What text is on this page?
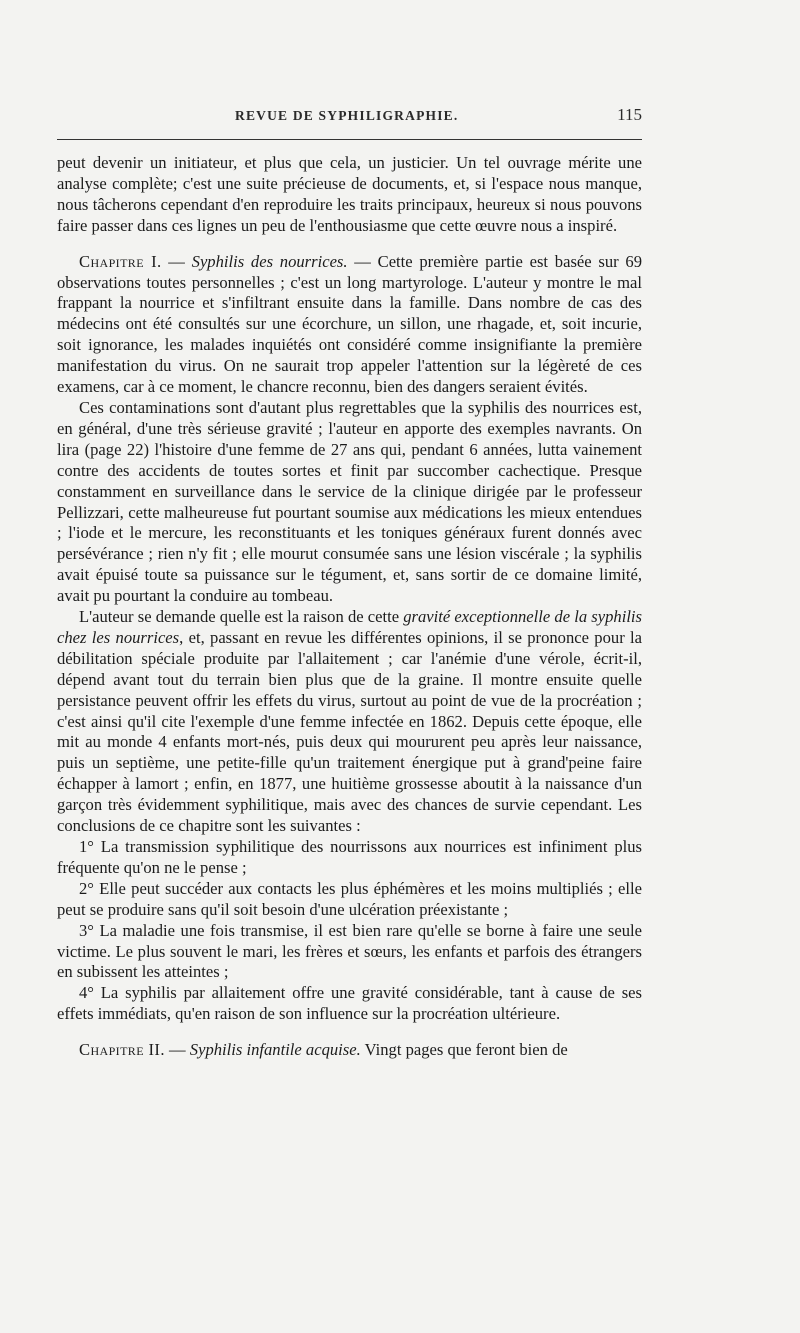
REVUE DE SYPHILIGRAPHIE.	115

peut devenir un initiateur, et plus que cela, un justicier. Un tel ouvrage mérite une analyse complète; c'est une suite précieuse de documents, et, si l'espace nous manque, nous tâcherons cependant d'en reproduire les traits principaux, heureux si nous pouvons faire passer dans ces lignes un peu de l'enthousiasme que cette œuvre nous a inspiré.

Chapitre I. — Syphilis des nourrices. — Cette première partie est basée sur 69 observations toutes personnelles ; c'est un long martyrologe. L'auteur y montre le mal frappant la nourrice et s'infiltrant ensuite dans la famille. Dans nombre de cas des médecins ont été consultés sur une écorchure, un sillon, une rhagade, et, soit incurie, soit ignorance, les malades inquiétés ont considéré comme insignifiante la première manifestation du virus. On ne saurait trop appeler l'attention sur la légèreté de ces examens, car à ce moment, le chancre reconnu, bien des dangers seraient évités.

Ces contaminations sont d'autant plus regrettables que la syphilis des nourrices est, en général, d'une très sérieuse gravité ; l'auteur en apporte des exemples navrants. On lira (page 22) l'histoire d'une femme de 27 ans qui, pendant 6 années, lutta vainement contre des accidents de toutes sortes et finit par succomber cachectique. Presque constamment en surveillance dans le service de la clinique dirigée par le professeur Pellizzari, cette malheureuse fut pourtant soumise aux médications les mieux entendues ; l'iode et le mercure, les reconstituants et les toniques généraux furent donnés avec persévérance ; rien n'y fit ; elle mourut consumée sans une lésion viscérale ; la syphilis avait épuisé toute sa puissance sur le tégument, et, sans sortir de ce domaine limité, avait pu pourtant la conduire au tombeau.

L'auteur se demande quelle est la raison de cette gravité exceptionnelle de la syphilis chez les nourrices, et, passant en revue les différentes opinions, il se prononce pour la débilitation spéciale produite par l'allaitement ; car l'anémie d'une vérole, écrit-il, dépend avant tout du terrain bien plus que de la graine. Il montre ensuite quelle persistance peuvent offrir les effets du virus, surtout au point de vue de la procréation ; c'est ainsi qu'il cite l'exemple d'une femme infectée en 1862. Depuis cette époque, elle mit au monde 4 enfants mort-nés, puis deux qui moururent peu après leur naissance, puis un septième, une petite-fille qu'un traitement énergique put à grand'peine faire échapper à lamort ; enfin, en 1877, une huitième grossesse aboutit à la naissance d'un garçon très évidemment syphilitique, mais avec des chances de survie cependant. Les conclusions de ce chapitre sont les suivantes :

1° La transmission syphilitique des nourrissons aux nourrices est infiniment plus fréquente qu'on ne le pense ;

2° Elle peut succéder aux contacts les plus éphémères et les moins multipliés ; elle peut se produire sans qu'il soit besoin d'une ulcération préexistante ;

3° La maladie une fois transmise, il est bien rare qu'elle se borne à faire une seule victime. Le plus souvent le mari, les frères et sœurs, les enfants et parfois des étrangers en subissent les atteintes ;

4° La syphilis par allaitement offre une gravité considérable, tant à cause de ses effets immédiats, qu'en raison de son influence sur la procréation ultérieure.

Chapitre II. — Syphilis infantile acquise. Vingt pages que feront bien de
